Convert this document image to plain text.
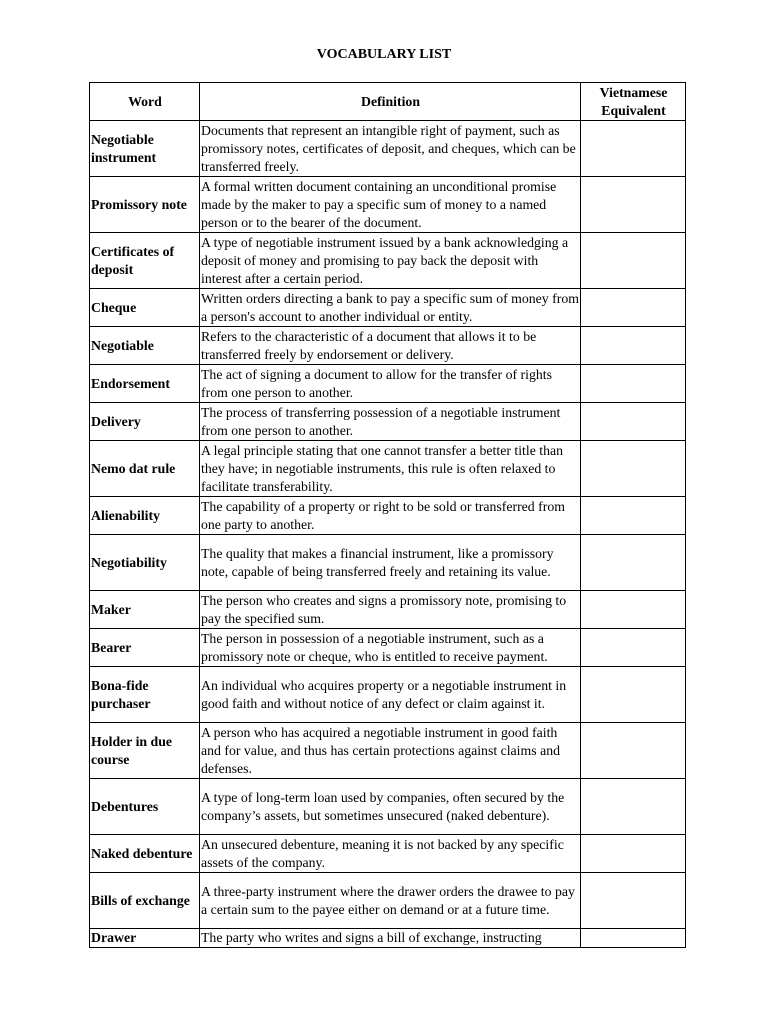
VOCABULARY LIST
Word	Definition	Vietnamese Equivalent
Negotiable instrument	Documents that represent an intangible right of payment, such as promissory notes, certificates of deposit, and cheques, which can be transferred freely.	
Promissory note	A formal written document containing an unconditional promise made by the maker to pay a specific sum of money to a named person or to the bearer of the document.	
Certificates of deposit	A type of negotiable instrument issued by a bank acknowledging a deposit of money and promising to pay back the deposit with interest after a certain period.	
Cheque	Written orders directing a bank to pay a specific sum of money from a person's account to another individual or entity.	
Negotiable	Refers to the characteristic of a document that allows it to be transferred freely by endorsement or delivery.	
Endorsement	The act of signing a document to allow for the transfer of rights from one person to another.	
Delivery	The process of transferring possession of a negotiable instrument from one person to another.	
Nemo dat rule	A legal principle stating that one cannot transfer a better title than they have; in negotiable instruments, this rule is often relaxed to facilitate transferability.	
Alienability	The capability of a property or right to be sold or transferred from one party to another.	
Negotiability	The quality that makes a financial instrument, like a promissory note, capable of being transferred freely and retaining its value.	
Maker	The person who creates and signs a promissory note, promising to pay the specified sum.	
Bearer	The person in possession of a negotiable instrument, such as a promissory note or cheque, who is entitled to receive payment.	
Bona-fide purchaser	An individual who acquires property or a negotiable instrument in good faith and without notice of any defect or claim against it.	
Holder in due course	A person who has acquired a negotiable instrument in good faith and for value, and thus has certain protections against claims and defenses.	
Debentures	A type of long-term loan used by companies, often secured by the company’s assets, but sometimes unsecured (naked debenture).	
Naked debenture	An unsecured debenture, meaning it is not backed by any specific assets of the company.	
Bills of exchange	A three-party instrument where the drawer orders the drawee to pay a certain sum to the payee either on demand or at a future time.	
Drawer	The party who writes and signs a bill of exchange, instructing	
